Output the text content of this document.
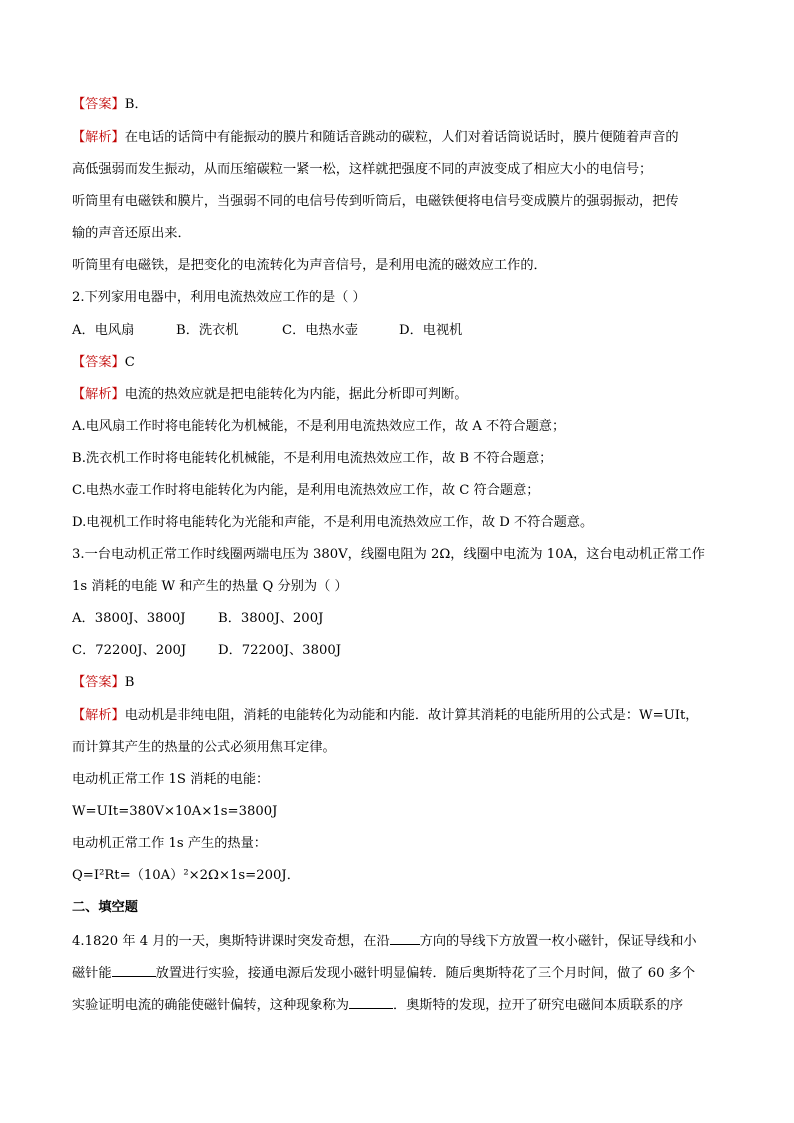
【答案】B．
【解析】在电话的话筒中有能振动的膜片和随话音跳动的碳粒，人们对着话筒说话时，膜片便随着声音的
高低强弱而发生振动，从而压缩碳粒一紧一松，这样就把强度不同的声波变成了相应大小的电信号；
听筒里有电磁铁和膜片，当强弱不同的电信号传到听筒后，电磁铁便将电信号变成膜片的强弱振动，把传
输的声音还原出来．
听筒里有电磁铁，是把变化的电流转化为声音信号，是利用电流的磁效应工作的．
2.下列家用电器中，利用电流热效应工作的是（ ）
A．电风扇	B．洗衣机	C．电热水壶	D．电视机
【答案】C
【解析】电流的热效应就是把电能转化为内能，据此分析即可判断。
A.电风扇工作时将电能转化为机械能，不是利用电流热效应工作，故 A 不符合题意；
B.洗衣机工作时将电能转化机械能，不是利用电流热效应工作，故 B 不符合题意；
C.电热水壶工作时将电能转化为内能，是利用电流热效应工作，故 C 符合题意；
D.电视机工作时将电能转化为光能和声能，不是利用电流热效应工作，故 D 不符合题意。
3.一台电动机正常工作时线圈两端电压为 380V，线圈电阻为 2Ω，线圈中电流为 10A，这台电动机正常工作
1s 消耗的电能 W 和产生的热量 Q 分别为（ ）
A．3800J、3800J B．3800J、200J
C．72200J、200J D．72200J、3800J
【答案】B
【解析】电动机是非纯电阻，消耗的电能转化为动能和内能．故计算其消耗的电能所用的公式是：W=UIt，
而计算其产生的热量的公式必须用焦耳定律。
电动机正常工作 1S 消耗的电能：
W=UIt=380V×10A×1s=3800J
电动机正常工作 1s 产生的热量：
Q=I²Rt=（10A）²×2Ω×1s=200J．
二、填空题
4.1820 年 4 月的一天，奥斯特讲课时突发奇想，在沿 方向的导线下方放置一枚小磁针，保证导线和小
磁针能	放置进行实验，接通电源后发现小磁针明显偏转．随后奥斯特花了三个月时间，做了 60 多个
实验证明电流的确能使磁针偏转，这种现象称为	．奥斯特的发现，拉开了研究电磁间本质联系的序
